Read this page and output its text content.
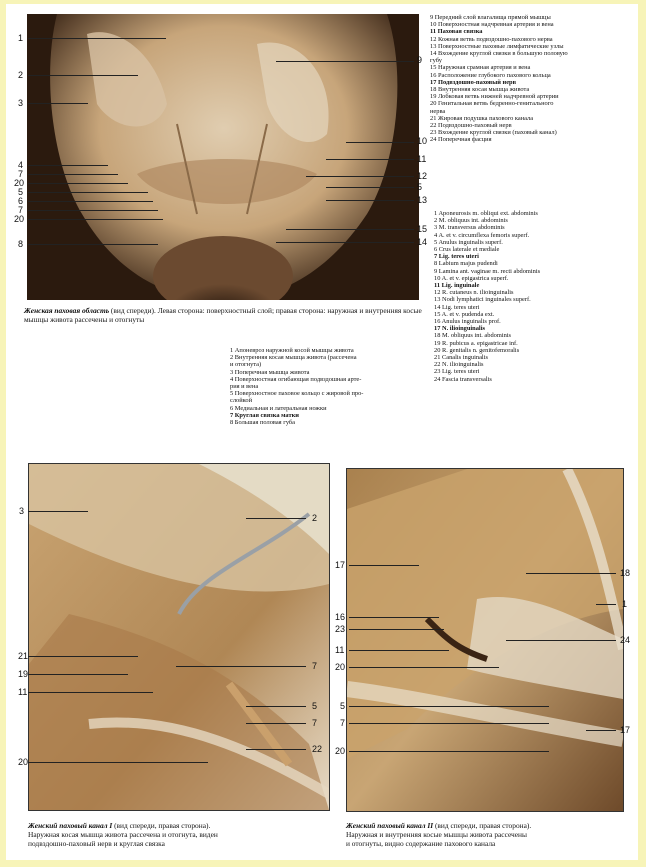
1
2
3
4
7
20
5
6
7
20
8
9
10
11
12
5
13
15
14
Женская паховая область (вид спереди). Левая сторона: поверхностный слой; правая сторона: наружная и внутренняя косые мышцы живота рассечены и отогнуты
9 Передний слой влагалища прямой мышцы
10 Поверхностная надчревная артерия и вена
11 Паховая связка
12 Кожная ветвь подвздошно-пахового нерва
13 Поверхностные паховые лимфатические узлы
14 Вхождение круглой связки в большую половую
губу
15 Наружная срамная артерия и вена
16 Расположение глубокого пахового кольца
17 Подвздошно-паховый нерв
18 Внутренняя косая мышца живота
19 Лобковая ветвь нижней надчревной артерии
20 Генитальная ветвь бедренно-генитального
нерва
21 Жировая подушка пахового канала
22 Подвздошно-паховый нерв
23 Вхождение круглой связки (паховый канал)
24 Поперечная фасция
1 Aponeurosis m. obliqui ext. abdominis
2 M. obliquus int. abdominis
3 M. transversus abdominis
4 A. et v. circumflexa femoris superf.
5 Anulus inguinalis superf.
6 Crus laterale et mediale
7 Lig. teres uteri
8 Labium majus pudendi
9 Lamina ant. vaginae m. recti abdominis
10 A. et v. epigastrica superf.
11 Lig. inguinale
12 R. cutaneus n. ilioinguinalis
13 Nodi lymphatici inguinales superf.
14 Lig. teres uteri
15 A. et v. pudenda ext.
16 Anulus inguinalis prof.
17 N. ilioinguinalis
18 M. obliquus int. abdominis
19 R. pubicus a. epigastricae inf.
20 R. genitalis n. genitofemoralis
21 Canalis inguinalis
22 N. ilioinguinalis
23 Lig. teres uteri
24 Fascia transversalis
1 Апоневроз наружной косой мышцы живота
2 Внутренняя косая мышца живота (рассечена
и отогнута)
3 Поперечная мышца живота
4 Поверхностная огибающая подвздошная арте-
рия и вена
5 Поверхностное паховое кольцо с жировой про-
слойкой
6 Медиальная и латеральная ножки
7 Круглая связка матки
8 Большая половая губа
3
21
19
11
20
2
7
5
7
22
Женский паховый канал I (вид спереди, правая сторона).
Наружная косая мышца живота рассечена и отогнута, виден
подвздошно-паховый нерв и круглая связка
17
16
23
11
20
5
7
20
18
1
24
17
Женский паховый канал II (вид спереди, правая сторона).
Наружная и внутренняя косые мышцы живота рассечены
и отогнуты, видно содержание пахового канала
